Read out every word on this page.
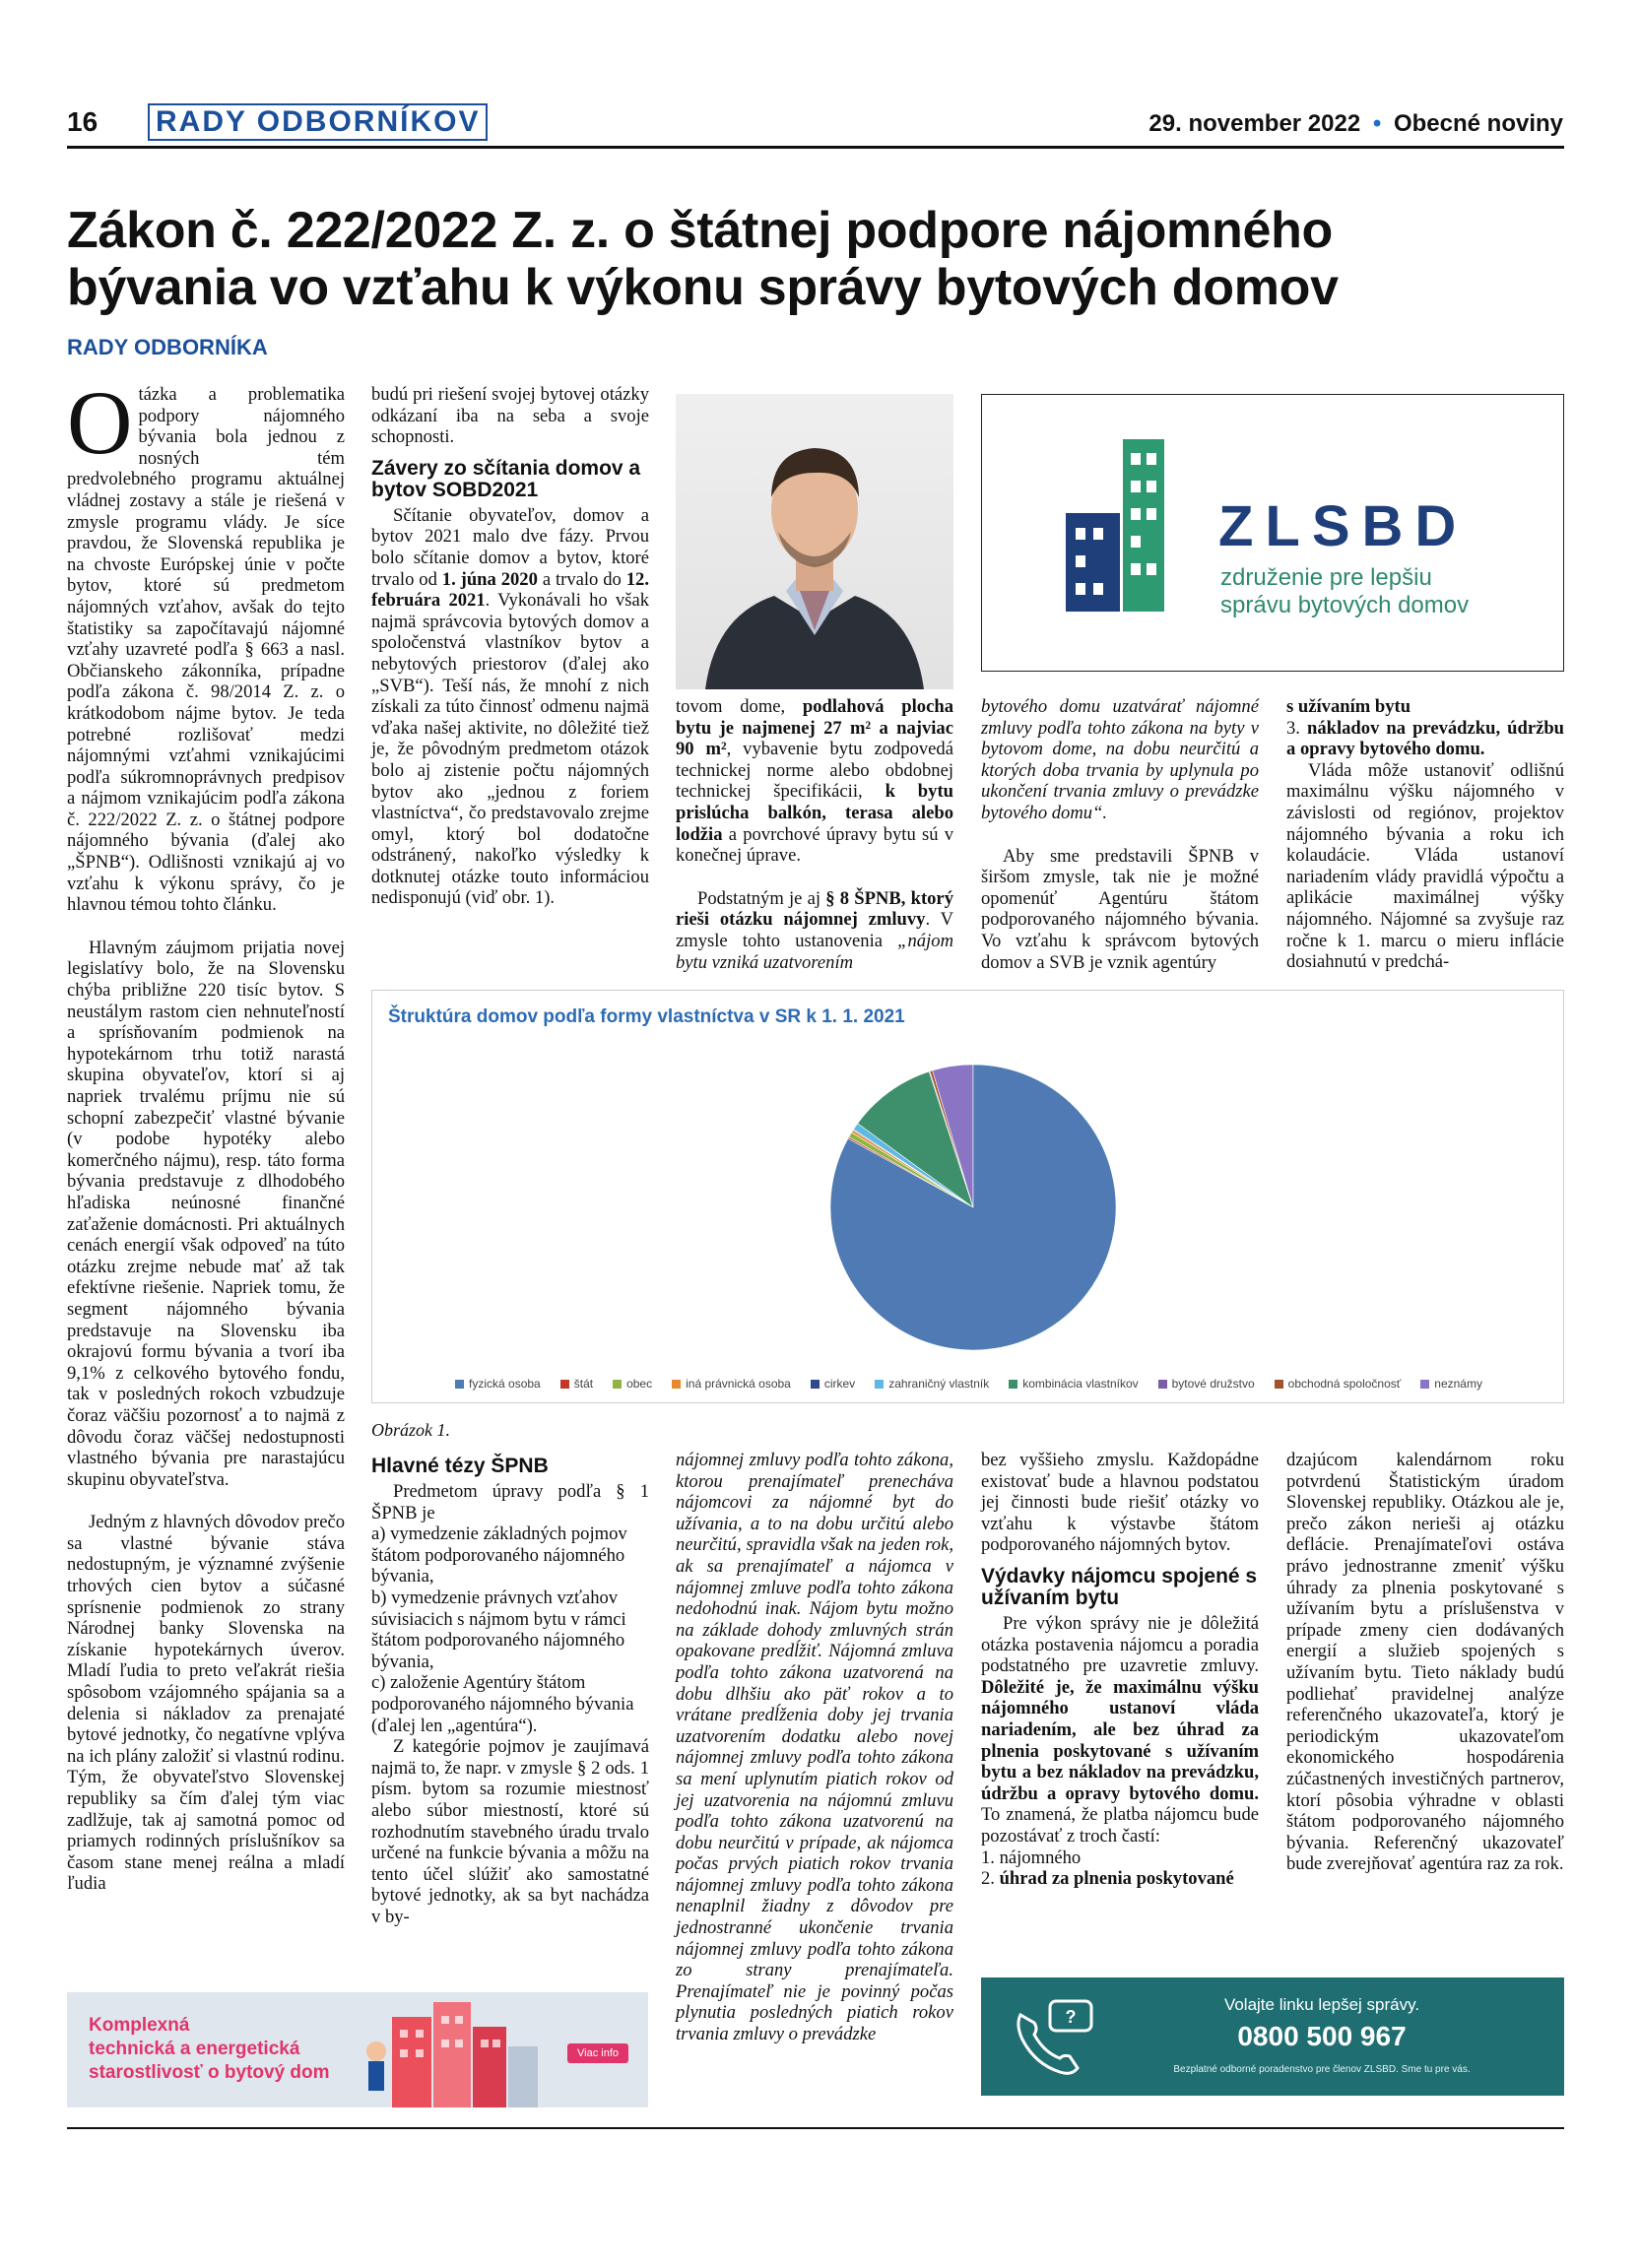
16 RADY ODBORNÍKOV	29. november 2022 • Obecné noviny
Zákon č. 222/2022 Z. z. o štátnej podpore nájomného
bývania vo vzťahu k výkonu správy bytových domov
RADY ODBORNÍKA

Otázka a problematika podpory nájomného bývania bola jednou z nosných tém predvolebného programu aktuálnej vládnej zostavy a stále je riešená v zmysle programu vlády. Je síce pravdou, že Slovenská republika je na chvoste Európskej únie v počte bytov, ktoré sú predmetom nájomných vzťahov, avšak do tejto štatistiky sa započítavajú nájomné vzťahy uzavreté podľa § 663 a nasl. Občianskeho zákonníka, prípadne podľa zákona č. 98/2014 Z. z. o krátkodobom nájme bytov. Je teda potrebné rozlišovať medzi nájomnými vzťahmi vznikajúcimi podľa súkromnoprávnych predpisov a nájmom vznikajúcim podľa zákona č. 222/2022 Z. z. o štátnej podpore nájomného bývania (ďalej ako „ŠPNB“). Odlišnosti vznikajú aj vo vzťahu k výkonu správy, čo je hlavnou témou tohto článku.

Hlavným záujmom prijatia novej legislatívy bolo, že na Slovensku chýba približne 220 tisíc bytov. S neustálym rastom cien nehnuteľností a sprísňovaním podmienok na hypotekárnom trhu totiž narastá skupina obyvateľov, ktorí si aj napriek trvalému príjmu nie sú schopní zabezpečiť vlastné bývanie (v podobe hypotéky alebo komerčného nájmu), resp. táto forma bývania predstavuje z dlhodobého hľadiska neúnosné finančné zaťaženie domácnosti. Pri aktuálnych cenách energií však odpoveď na túto otázku zrejme nebude mať až tak efektívne riešenie. Napriek tomu, že segment nájomného bývania predstavuje na Slovensku iba okrajovú formu bývania a tvorí iba 9,1% z celkového bytového fondu, tak v posledných rokoch vzbudzuje čoraz väčšiu pozornosť a to najmä z dôvodu čoraz väčšej nedostupnosti vlastného bývania pre narastajúcu skupinu obyvateľstva.

Jedným z hlavných dôvodov prečo sa vlastné bývanie stáva nedostupným, je významné zvýšenie trhových cien bytov a súčasné sprísnenie podmienok zo strany Národnej banky Slovenska na získanie hypotekárnych úverov. Mladí ľudia to preto veľakrát riešia spôsobom vzájomného spájania sa a delenia si nákladov za prenajaté bytové jednotky, čo negatívne vplýva na ich plány založiť si vlastnú rodinu. Tým, že obyvateľstvo Slovenskej republiky sa čím ďalej tým viac zadlžuje, tak aj samotná pomoc od priamych rodinných príslušníkov sa časom stane menej reálna a mladí ľudia

budú pri riešení svojej bytovej otázky odkázaní iba na seba a svoje schopnosti.

Závery zo sčítania domov a bytov SOBD2021

Sčítanie obyvateľov, domov a bytov 2021 malo dve fázy. Prvou bolo sčítanie domov a bytov, ktoré trvalo od 1. júna 2020 a trvalo do 12. februára 2021. Vykonávali ho však najmä správcovia bytových domov a spoločenstvá vlastníkov bytov a nebytových priestorov (ďalej ako „SVB“). Teší nás, že mnohí z nich získali za túto činnosť odmenu najmä vďaka našej aktivite, no dôležité tiež je, že pôvodným predmetom otázok bolo aj zistenie počtu nájomných bytov ako „jednou z foriem vlastníctva“, čo predstavovalo zrejme omyl, ktorý bol dodatočne odstránený, nakoľko výsledky k dotknutej otázke touto informáciou nedisponujú (viď obr. 1).

ZLSBD
združenie pre lepšiu
správu bytových domov

tovom dome, podlahová plocha bytu je najmenej 27 m² a najviac 90 m², vybavenie bytu zodpovedá technickej norme alebo obdobnej technickej špecifikácii, k bytu prislúcha balkón, terasa alebo lodžia a povrchové úpravy bytu sú v konečnej úprave.

Podstatným je aj § 8 ŠPNB, ktorý rieši otázku nájomnej zmluvy. V zmysle tohto ustanovenia „nájom bytu vzniká uzatvorením

bytového domu uzatvárať nájomné zmluvy podľa tohto zákona na byty v bytovom dome, na dobu neurčitú a ktorých doba trvania by uplynula po ukončení trvania zmluvy o prevádzke bytového domu“.

Aby sme predstavili ŠPNB v širšom zmysle, tak nie je možné opomenúť Agentúru štátom podporovaného nájomného bývania. Vo vzťahu k správcom bytových domov a SVB je vznik agentúry

s užívaním bytu

3. nákladov na prevádzku, údržbu a opravy bytového domu.

Vláda môže ustanoviť odlišnú maximálnu výšku nájomného v závislosti od regiónov, projektov nájomného bývania a roku ich kolaudácie. Vláda ustanoví nariadením vlády pravidlá výpočtu a aplikácie maximálnej výšky nájomného. Nájomné sa zvyšuje raz ročne k 1. marcu o mieru inflácie dosiahnutú v predchá-

Štruktúra domov podľa formy vlastníctva v SR k 1. 1. 2021
fyzická osoba	štát	obec	iná právnická osoba	cirkev	zahraničný vlastník	kombinácia vlastníkov	bytové družstvo	obchodná spoločnosť	neznámy
Obrázok 1.
Hlavné tézy ŠPNB

Predmetom úpravy podľa § 1 ŠPNB je

a) vymedzenie základných pojmov štátom podporovaného nájomného bývania,

b) vymedzenie právnych vzťahov súvisiacich s nájmom bytu v rámci štátom podporovaného nájomného bývania,

c) založenie Agentúry štátom podporovaného nájomného bývania (ďalej len „agentúra“).

Z kategórie pojmov je zaujímavá najmä to, že napr. v zmysle § 2 ods. 1 písm. bytom sa rozumie miestnosť alebo súbor miestností, ktoré sú rozhodnutím stavebného úradu trvalo určené na funkcie bývania a môžu na tento účel slúžiť ako samostatné bytové jednotky, ak sa byt nachádza v by-

nájomnej zmluvy podľa tohto zákona, ktorou prenajímateľ prenecháva nájomcovi za nájomné byt do užívania, a to na dobu určitú alebo neurčitú, spravidla však na jeden rok, ak sa prenajímateľ a nájomca v nájomnej zmluve podľa tohto zákona nedohodnú inak. Nájom bytu možno na základe dohody zmluvných strán opakovane predĺžiť. Nájomná zmluva podľa tohto zákona uzatvorená na dobu dlhšiu ako päť rokov a to vrátane predĺženia doby jej trvania uzatvorením dodatku alebo novej nájomnej zmluvy podľa tohto zákona sa mení uplynutím piatich rokov od jej uzatvorenia na nájomnú zmluvu podľa tohto zákona uzatvorenú na dobu neurčitú v prípade, ak nájomca počas prvých piatich rokov trvania nájomnej zmluvy podľa tohto zákona nenaplnil žiadny z dôvodov pre jednostranné ukončenie trvania nájomnej zmluvy podľa tohto zákona zo strany prenajímateľa. Prenajímateľ nie je povinný počas plynutia posledných piatich rokov trvania zmluvy o prevádzke

bez vyššieho zmyslu. Každopádne existovať bude a hlavnou podstatou jej činnosti bude riešiť otázky vo vzťahu k výstavbe štátom podporovaného nájomných bytov.

Výdavky nájomcu spojené s užívaním bytu

Pre výkon správy nie je dôležitá otázka postavenia nájomcu a poradia podstatného pre uzavretie zmluvy. Dôležité je, že maximálnu výšku nájomného ustanoví vláda nariadením, ale bez úhrad za plnenia poskytované s užívaním bytu a bez nákladov na prevádzku, údržbu a opravy bytového domu. To znamená, že platba nájomcu bude pozostávať z troch častí:

1. nájomného

2. úhrad za plnenia poskytované

dzajúcom kalendárnom roku potvrdenú Štatistickým úradom Slovenskej republiky. Otázkou ale je, prečo zákon nerieši aj otázku deflácie. Prenajímateľovi ostáva právo jednostranne zmeniť výšku úhrady za plnenia poskytované s užívaním bytu a príslušenstva v prípade zmeny cien dodávaných energií a služieb spojených s užívaním bytu. Tieto náklady budú podliehať pravidelnej analýze referenčného ukazovateľa, ktorý je periodickým ukazovateľom ekonomického hospodárenia zúčastnených investičných partnerov, ktorí pôsobia výhradne v oblasti štátom podporovaného nájomného bývania. Referenčný ukazovateľ bude zverejňovať agentúra raz za rok.

Komplexná
technická a energetická
starostlivosť o bytový dom
Viac info
?
Volajte linku lepšej správy.
0800 500 967
Bezplatné odborné poradenstvo pre členov ZLSBD. Sme tu pre vás.
